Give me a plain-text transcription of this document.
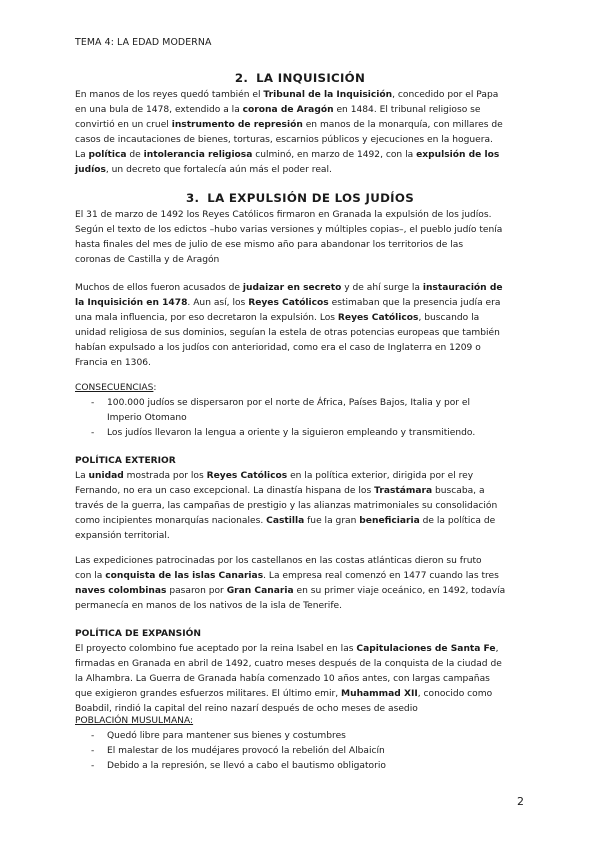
TEMA 4: LA EDAD MODERNA
2. LA INQUISICIÓN

En manos de los reyes quedó también el Tribunal de la Inquisición, concedido por el Papa

en una bula de 1478, extendido a la corona de Aragón en 1484. El tribunal religioso se

convirtió en un cruel instrumento de represión en manos de la monarquía, con millares de

casos de incautaciones de bienes, torturas, escarnios públicos y ejecuciones en la hoguera.

La política de intolerancia religiosa culminó, en marzo de 1492, con la expulsión de los

judíos, un decreto que fortalecía aún más el poder real.

3. LA EXPULSIÓN DE LOS JUDÍOS

El 31 de marzo de 1492 los Reyes Católicos firmaron en Granada la expulsión de los judíos.

Según el texto de los edictos –hubo varias versiones y múltiples copias–, el pueblo judío tenía

hasta finales del mes de julio de ese mismo año para abandonar los territorios de las

coronas de Castilla y de Aragón

Muchos de ellos fueron acusados de judaizar en secreto y de ahí surge la instauración de

la Inquisición en 1478. Aun así, los Reyes Católicos estimaban que la presencia judía era

una mala influencia, por eso decretaron la expulsión. Los Reyes Católicos, buscando la

unidad religiosa de sus dominios, seguían la estela de otras potencias europeas que también

habían expulsado a los judíos con anterioridad, como era el caso de Inglaterra en 1209 o

Francia en 1306.

CONSECUENCIAS:

- 100.000 judíos se dispersaron por el norte de África, Países Bajos, Italia y por el
Imperio Otomano
- Los judíos llevaron la lengua a oriente y la siguieron empleando y transmitiendo.

POLÍTICA EXTERIOR

La unidad mostrada por los Reyes Católicos en la política exterior, dirigida por el rey

Fernando, no era un caso excepcional. La dinastía hispana de los Trastámara buscaba, a

través de la guerra, las campañas de prestigio y las alianzas matrimoniales su consolidación

como incipientes monarquías nacionales. Castilla fue la gran beneficiaria de la política de

expansión territorial.

Las expediciones patrocinadas por los castellanos en las costas atlánticas dieron su fruto

con la conquista de las islas Canarias. La empresa real comenzó en 1477 cuando las tres

naves colombinas pasaron por Gran Canaria en su primer viaje oceánico, en 1492, todavía

permanecía en manos de los nativos de la isla de Tenerife.

POLÍTICA DE EXPANSIÓN

El proyecto colombino fue aceptado por la reina Isabel en las Capitulaciones de Santa Fe,

firmadas en Granada en abril de 1492, cuatro meses después de la conquista de la ciudad de

la Alhambra. La Guerra de Granada había comenzado 10 años antes, con largas campañas

que exigieron grandes esfuerzos militares. El último emir, Muhammad XII, conocido como

Boabdil, rindió la capital del reino nazarí después de ocho meses de asedio

POBLACIÓN MUSULMANA:

- Quedó libre para mantener sus bienes y costumbres
- El malestar de los mudéjares provocó la rebelión del Albaicín
- Debido a la represión, se llevó a cabo el bautismo obligatorio
2
